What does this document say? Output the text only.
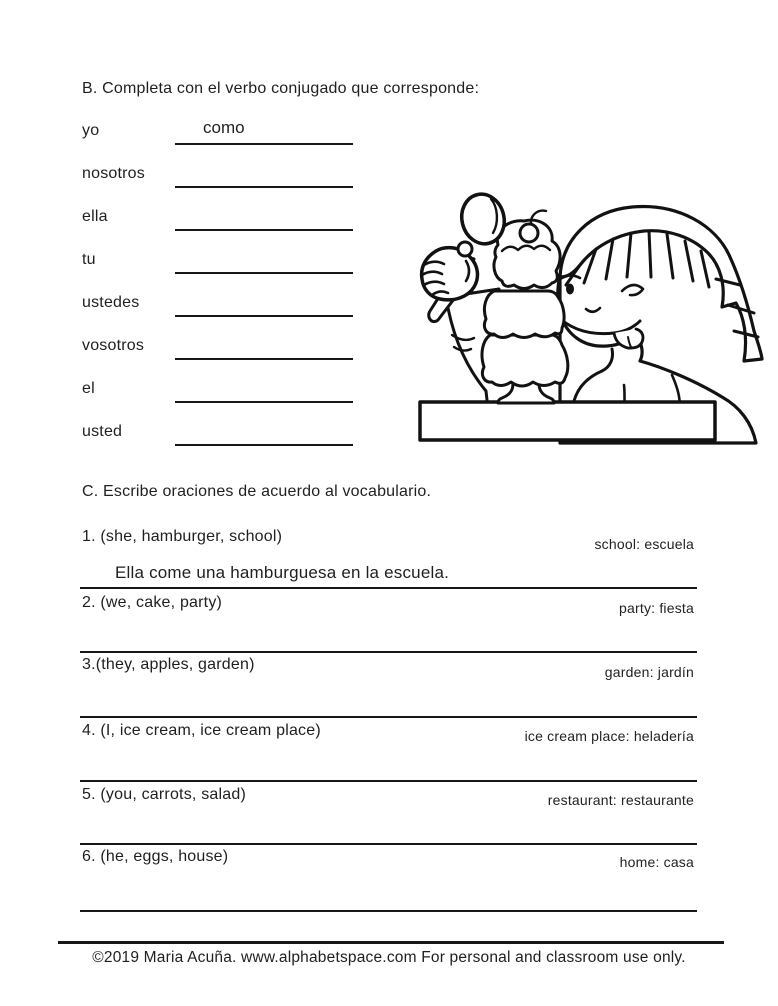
B. Completa con el verbo conjugado que corresponde:
yo	como
nosotros
ella
tu
ustedes
vosotros
el
usted
C. Escribe oraciones de acuerdo al vocabulario.
1. (she, hamburger, school)	school: escuela
Ella come una hamburguesa en la escuela.
2. (we, cake, party)	party: fiesta
3.(they, apples, garden)	garden: jardín
4. (I, ice cream, ice cream place)	ice cream place: heladería
5. (you, carrots, salad)	restaurant: restaurante
6. (he, eggs, house)	home: casa
©2019 Maria Acuña. www.alphabetspace.com For personal and classroom use only.
